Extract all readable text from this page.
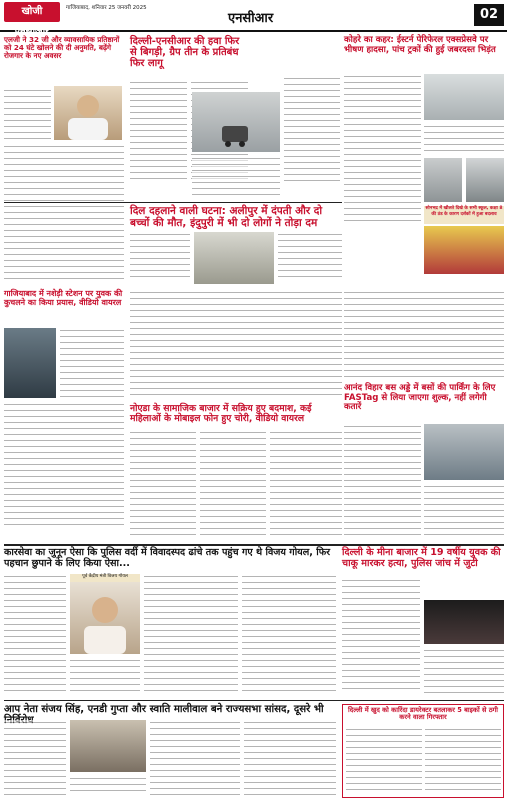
खोजी एनसीआर
गाजियाबाद, शनिवार 25 जनवरी 2025
एनसीआर	02
एलजी ने 32 जी और व्यावसायिक प्रतिष्ठानों को 24 घंटे खोलने की दी अनुमति, बढ़ेंगे रोजगार के नए अवसर
दिल्ली-एनसीआर की हवा फिर से बिगड़ी, ग्रैप तीन के प्रतिबंध फिर लागू
कोहरे का कहर: ईस्टर्न पेरिफेरल एक्सप्रेसवे पर भीषण हादसा, पांच ट्रकों की हुई जबरदस्त भिड़ंत
सोनभद्र में खौलते दिखे के सभी स्कूल, कक्षा 8 की ठंड के कारण दर्शकों में हुआ बदलाव
दिल दहलाने वाली घटना: अलीपुर में दंपती और दो बच्चों की मौत, इंदुपुरी में भी दो लोगों ने तोड़ा दम
गाजियाबाद में नशेड़ी स्टेशन पर युवक की कुचलने का किया प्रयास, वीडियो वायरल
नोएडा के सामाजिक बाजार में सक्रिय हुए बदमाश, कई महिलाओं के मोबाइल फोन हुए चोरी, वीडियो वायरल
आनंद विहार बस अड्डे में बसों की पार्किंग के लिए FASTag से लिया जाएगा शुल्क, नहीं लगेगी कतारें
कारसेवा का जुनून ऐसा कि पुलिस वर्दी में विवादस्पद ढांचे तक पहुंच गए थे विजय गोयल, फिर पहचान छुपाने के लिए किया ऐसा...
पूर्व केंद्रीय मंत्री विजय गोयल
दिल्ली के मीना बाजार में 19 वर्षीय युवक की चाकू मारकर हत्या, पुलिस जांच में जुटी
आप नेता संजय सिंह, एनडी गुप्ता और स्वाति मालीवाल बने राज्यसभा सांसद, दूसरे भी	दिल्ली में खुद को कारिंदा डायरेक्टर बतलाकर 5 बाइकों से ठगी करने वाला गिरफ्तार
